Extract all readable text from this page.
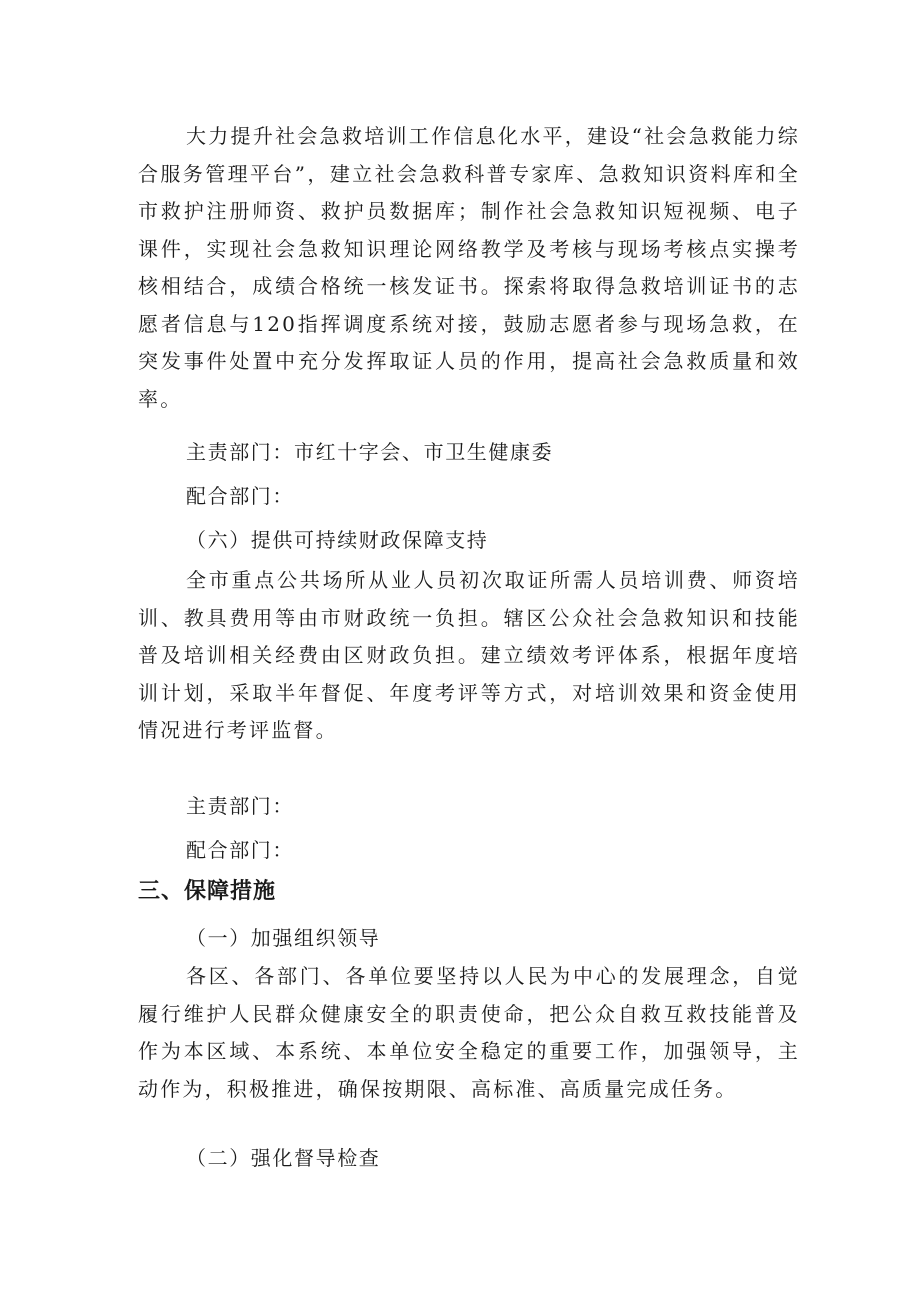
大力提升社会急救培训工作信息化水平，建设“社会急救能力综合服务管理平台”，建立社会急救科普专家库、急救知识资料库和全市救护注册师资、救护员数据库；制作社会急救知识短视频、电子课件，实现社会急救知识理论网络教学及考核与现场考核点实操考核相结合，成绩合格统一核发证书。探索将取得急救培训证书的志愿者信息与120指挥调度系统对接，鼓励志愿者参与现场急救，在突发事件处置中充分发挥取证人员的作用，提高社会急救质量和效率。

主责部门：市红十字会、市卫生健康委
配合部门：
（六）提供可持续财政保障支持

全市重点公共场所从业人员初次取证所需人员培训费、师资培训、教具费用等由市财政统一负担。辖区公众社会急救知识和技能普及培训相关经费由区财政负担。建立绩效考评体系，根据年度培训计划，采取半年督促、年度考评等方式，对培训效果和资金使用情况进行考评监督。

主责部门：
配合部门：
三、保障措施
（一）加强组织领导

各区、各部门、各单位要坚持以人民为中心的发展理念，自觉履行维护人民群众健康安全的职责使命，把公众自救互救技能普及作为本区域、本系统、本单位安全稳定的重要工作，加强领导，主动作为，积极推进，确保按期限、高标准、高质量完成任务。

（二）强化督导检查
